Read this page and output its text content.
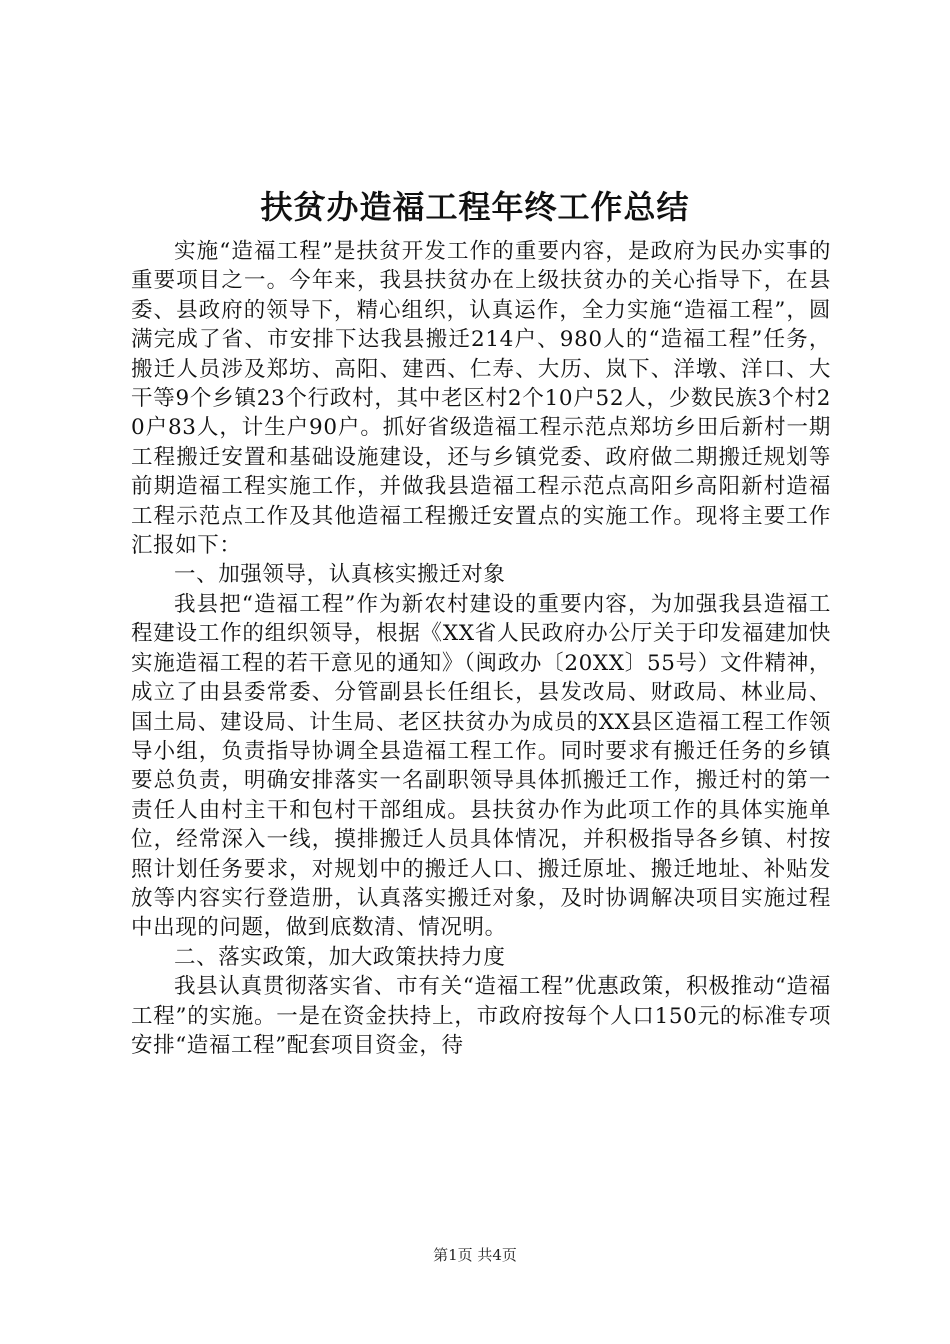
扶贫办造福工程年终工作总结

实施“造福工程”是扶贫开发工作的重要内容，是政府为民办实事的重要项目之一。今年来，我县扶贫办在上级扶贫办的关心指导下，在县委、县政府的领导下，精心组织，认真运作，全力实施“造福工程”，圆满完成了省、市安排下达我县搬迁214户、980人的“造福工程”任务，搬迁人员涉及郑坊、高阳、建西、仁寿、大历、岚下、洋墩、洋口、大干等9个乡镇23个行政村，其中老区村2个10户52人，少数民族3个村20户83人，计生户90户。抓好省级造福工程示范点郑坊乡田后新村一期工程搬迁安置和基础设施建设，还与乡镇党委、政府做二期搬迁规划等前期造福工程实施工作，并做我县造福工程示范点高阳乡高阳新村造福工程示范点工作及其他造福工程搬迁安置点的实施工作。现将主要工作汇报如下：

一、加强领导，认真核实搬迁对象

我县把“造福工程”作为新农村建设的重要内容，为加强我县造福工程建设工作的组织领导，根据《XX省人民政府办公厅关于印发福建加快实施造福工程的若干意见的通知》（闽政办〔20XX〕55号）文件精神，成立了由县委常委、分管副县长任组长，县发改局、财政局、林业局、国土局、建设局、计生局、老区扶贫办为成员的XX县区造福工程工作领导小组，负责指导协调全县造福工程工作。同时要求有搬迁任务的乡镇要总负责，明确安排落实一名副职领导具体抓搬迁工作，搬迁村的第一责任人由村主干和包村干部组成。县扶贫办作为此项工作的具体实施单位，经常深入一线，摸排搬迁人员具体情况，并积极指导各乡镇、村按照计划任务要求，对规划中的搬迁人口、搬迁原址、搬迁地址、补贴发放等内容实行登造册，认真落实搬迁对象，及时协调解决项目实施过程中出现的问题，做到底数清、情况明。

二、落实政策，加大政策扶持力度

我县认真贯彻落实省、市有关“造福工程”优惠政策，积极推动“造福工程”的实施。一是在资金扶持上，市政府按每个人口150元的标准专项安排“造福工程”配套项目资金，待

第1页 共4页
